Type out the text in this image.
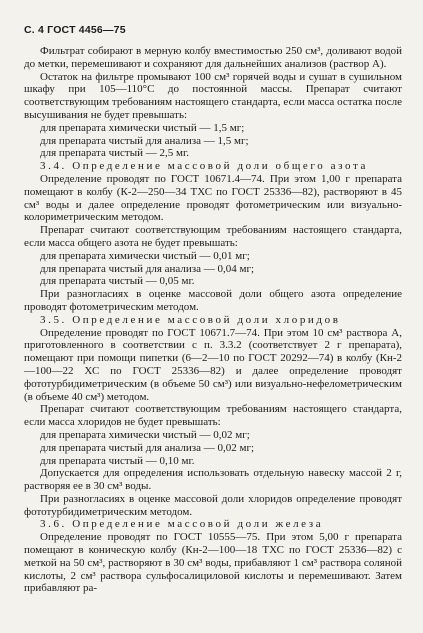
С. 4 ГОСТ 4456—75

Фильтрат собирают в мерную колбу вместимостью 250 см³, доливают водой до метки, перемешивают и сохраняют для дальнейших анализов (раствор А).

Остаток на фильтре промывают 100 см³ горячей воды и сушат в сушильном шкафу при 105—110°С до постоянной массы. Препарат считают соответствующим требованиям настоящего стандарта, если масса остатка после высушивания не будет превышать:

для препарата химически чистый — 1,5 мг;
для препарата чистый для анализа — 1,5 мг;
для препарата чистый — 2,5 мг.
3.4. Определение массовой доли общего азота

Определение проводят по ГОСТ 10671.4—74. При этом 1,00 г препарата помещают в колбу (К-2—250—34 ТХС по ГОСТ 25336—82), растворяют в 45 см³ воды и далее определение проводят фотометрическим или визуально-колориметрическим методом.

Препарат считают соответствующим требованиям настоящего стандарта, если масса общего азота не будет превышать:

для препарата химически чистый — 0,01 мг;
для препарата чистый для анализа — 0,04 мг;
для препарата чистый — 0,05 мг.

При разногласиях в оценке массовой доли общего азота определение проводят фотометрическим методом.

3.5. Определение массовой доли хлоридов

Определение проводят по ГОСТ 10671.7—74. При этом 10 см³ раствора А, приготовленного в соответствии с п. 3.3.2 (соответствует 2 г препарата), помещают при помощи пипетки (6—2—10 по ГОСТ 20292—74) в колбу (Кн-2—100—22 ХС по ГОСТ 25336—82) и далее определение проводят фототурбидиметрическим (в объеме 50 см³) или визуально-нефелометрическим (в объеме 40 см³) методом.

Препарат считают соответствующим требованиям настоящего стандарта, если масса хлоридов не будет превышать:

для препарата химически чистый — 0,02 мг;
для препарата чистый для анализа — 0,02 мг;
для препарата чистый — 0,10 мг.

Допускается для определения использовать отдельную навеску массой 2 г, растворяя ее в 30 см³ воды.

При разногласиях в оценке массовой доли хлоридов определение проводят фототурбидиметрическим методом.

3.6. Определение массовой доли железа

Определение проводят по ГОСТ 10555—75. При этом 5,00 г препарата помещают в коническую колбу (Кн-2—100—18 ТХС по ГОСТ 25336—82) с меткой на 50 см³, растворяют в 30 см³ воды, прибавляют 1 см³ раствора соляной кислоты, 2 см³ раствора сульфосалициловой кислоты и перемешивают. Затем прибавляют ра-
